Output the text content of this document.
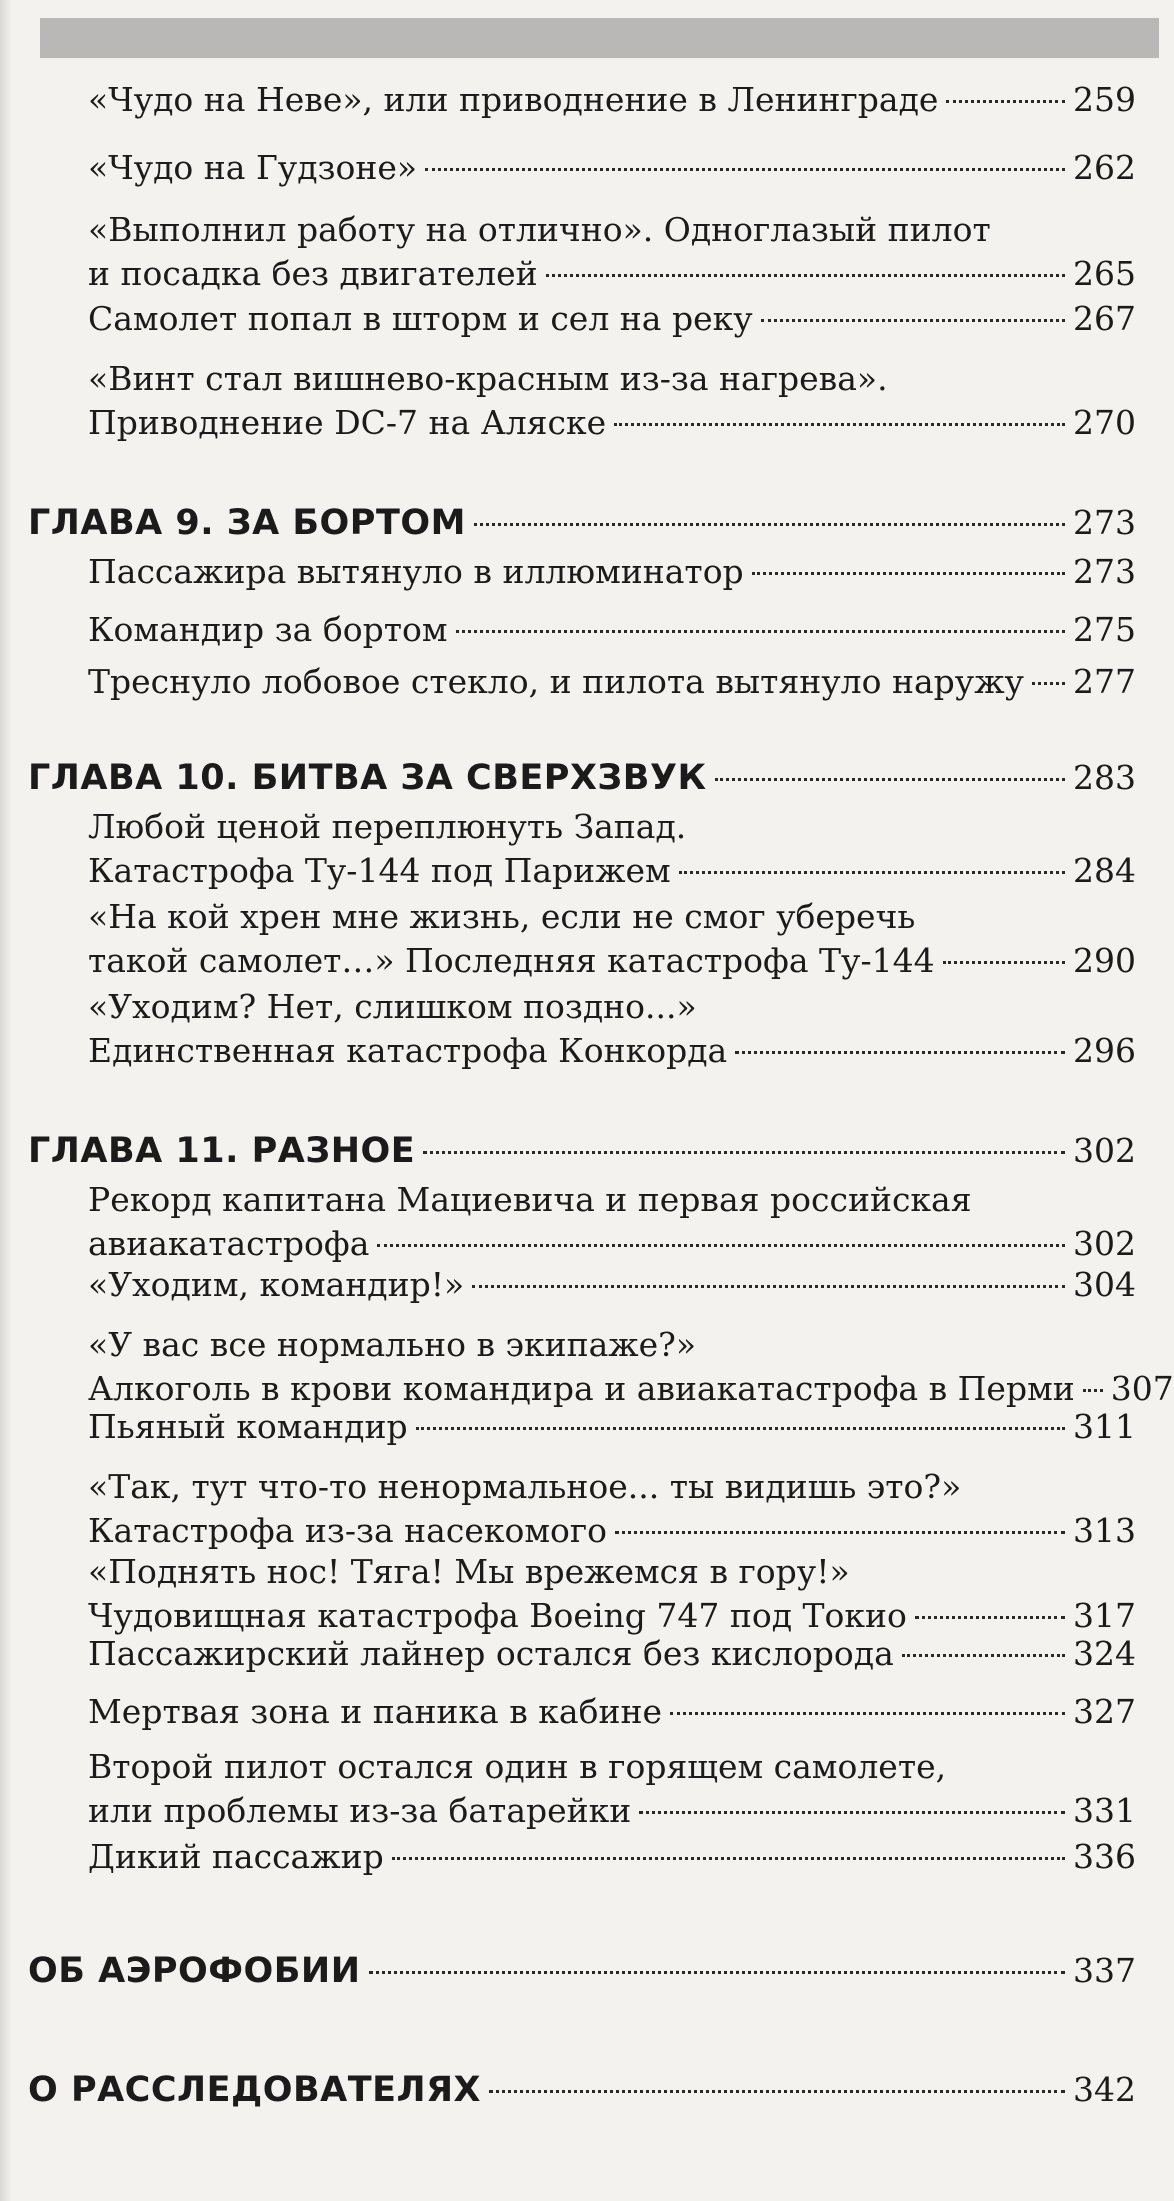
«Чудо на Неве», или приводнение в Ленинграде	259
«Чудо на Гудзоне»	262
«Выполнил работу на отлично». Одноглазый пилот
и посадка без двигателей	265
Самолет попал в шторм и сел на реку	267
«Винт стал вишнево-красным из-за нагрева».
Приводнение DC-7 на Аляске	270
ГЛАВА 9. ЗА БОРТОМ	273
Пассажира вытянуло в иллюминатор	273
Командир за бортом	275
Треснуло лобовое стекло, и пилота вытянуло наружу 277
ГЛАВА 10. БИТВА ЗА СВЕРХЗВУК	283
Любой ценой переплюнуть Запад.
Катастрофа Ту-144 под Парижем	284
«На кой хрен мне жизнь, если не смог уберечь
такой самолет…» Последняя катастрофа Ту-144	290
«Уходим? Нет, слишком поздно...»
Единственная катастрофа Конкорда	296
ГЛАВА 11. РАЗНОЕ	302
Рекорд капитана Мациевича и первая российская
авиакатастрофа	302
«Уходим, командир!»	304
«У вас все нормально в экипаже?»
Алкоголь в крови командира и авиакатастрофа в Перми 307
Пьяный командир	311
«Так, тут что-то ненормальное... ты видишь это?»
Катастрофа из-за насекомого	313
«Поднять нос! Тяга! Мы врежемся в гору!»
Чудовищная катастрофа Boeing 747 под Токио	317
Пассажирский лайнер остался без кислорода	324
Мертвая зона и паника в кабине	327
Второй пилот остался один в горящем самолете,
или проблемы из-за батарейки	331
Дикий пассажир	336
ОБ АЭРОФОБИИ	337
О РАССЛЕДОВАТЕЛЯХ	342
